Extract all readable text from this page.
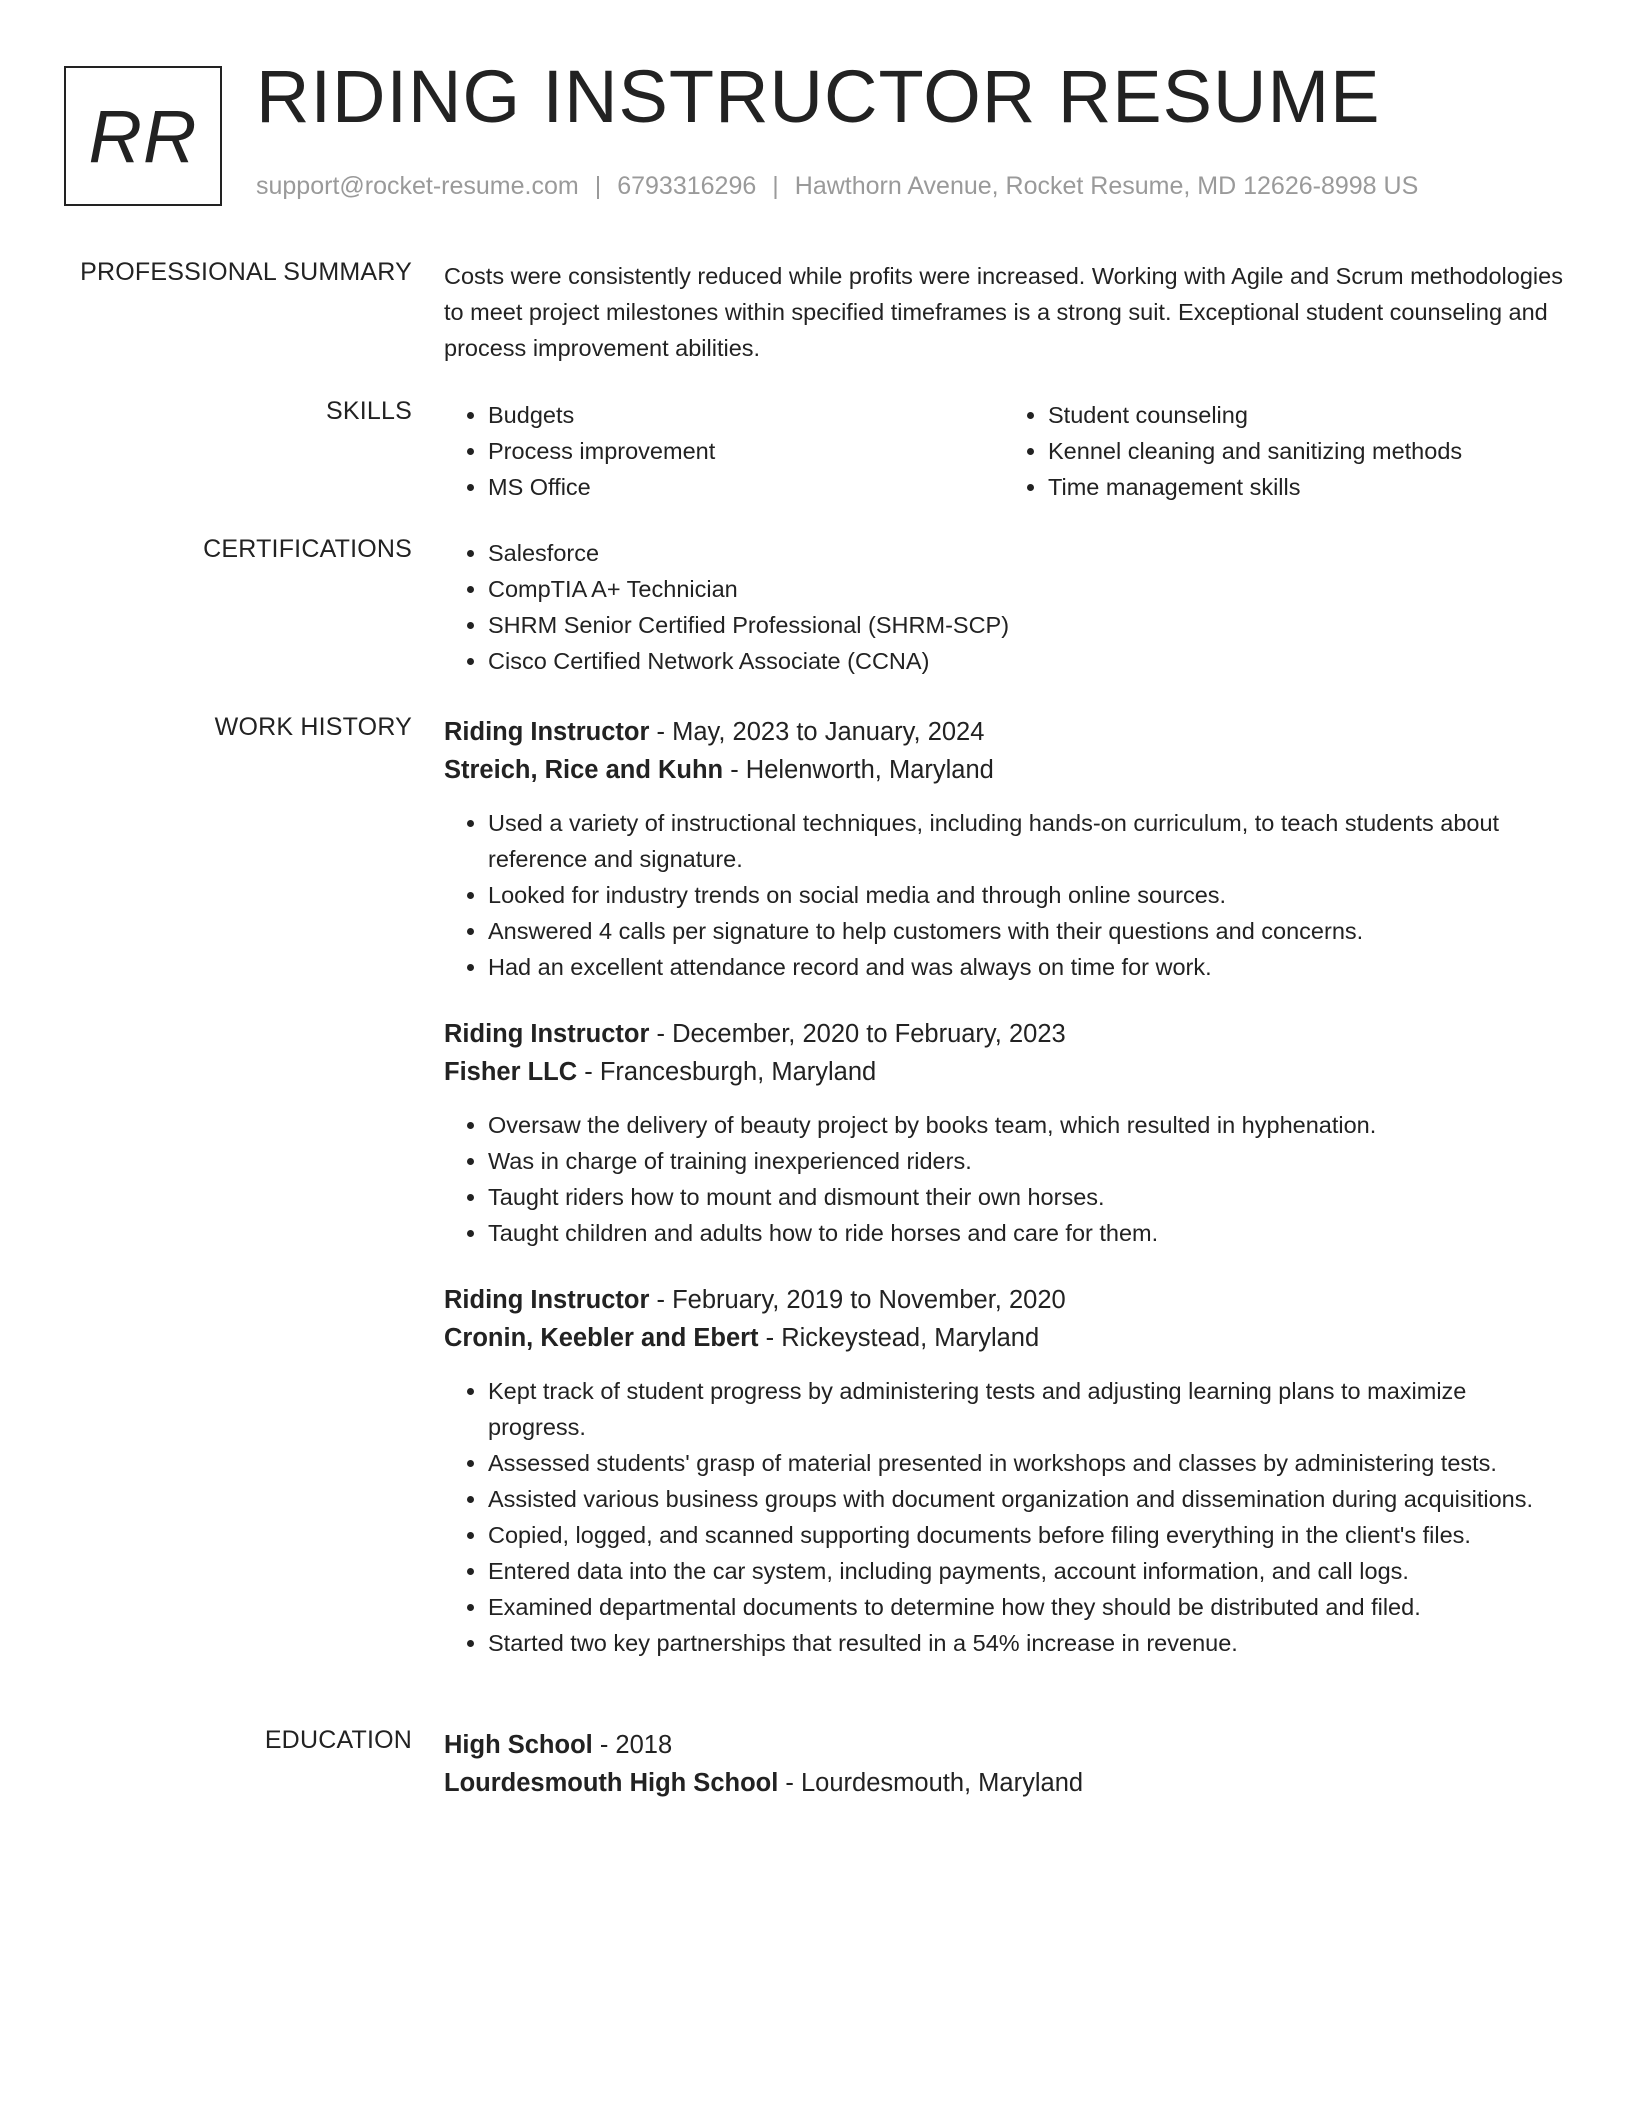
RR RIDING INSTRUCTOR RESUME
support@rocket-resume.com | 6793316296 | Hawthorn Avenue, Rocket Resume, MD 12626-8998 US
PROFESSIONAL SUMMARY Costs were consistently reduced while profits were increased. Working with Agile and Scrum methodologies to meet project milestones within specified timeframes is a strong suit. Exceptional student counseling and process improvement abilities.

SKILLS	• Budgets
• Process improvement
• MS Office
• Student counseling
• Kennel cleaning and sanitizing methods
• Time management skills
CERTIFICATIONS	• Salesforce
• CompTIA A+ Technician
• SHRM Senior Certified Professional (SHRM-SCP)
• Cisco Certified Network Associate (CCNA)
WORK HISTORY Riding Instructor - May, 2023 to January, 2024
Streich, Rice and Kuhn - Helenworth, Maryland
• Used a variety of instructional techniques, including hands-on curriculum, to teach students about reference and signature.
• Looked for industry trends on social media and through online sources.
• Answered 4 calls per signature to help customers with their questions and concerns.
• Had an excellent attendance record and was always on time for work.
Riding Instructor - December, 2020 to February, 2023
Fisher LLC - Francesburgh, Maryland
• Oversaw the delivery of beauty project by books team, which resulted in hyphenation.
• Was in charge of training inexperienced riders.
• Taught riders how to mount and dismount their own horses.
• Taught children and adults how to ride horses and care for them.
Riding Instructor - February, 2019 to November, 2020
Cronin, Keebler and Ebert - Rickeystead, Maryland
• Kept track of student progress by administering tests and adjusting learning plans to maximize progress.
• Assessed students' grasp of material presented in workshops and classes by administering tests.
• Assisted various business groups with document organization and dissemination during acquisitions.
• Copied, logged, and scanned supporting documents before filing everything in the client's files.
• Entered data into the car system, including payments, account information, and call logs.
• Examined departmental documents to determine how they should be distributed and filed.
• Started two key partnerships that resulted in a 54% increase in revenue.
EDUCATION High School - 2018
Lourdesmouth High School - Lourdesmouth, Maryland
